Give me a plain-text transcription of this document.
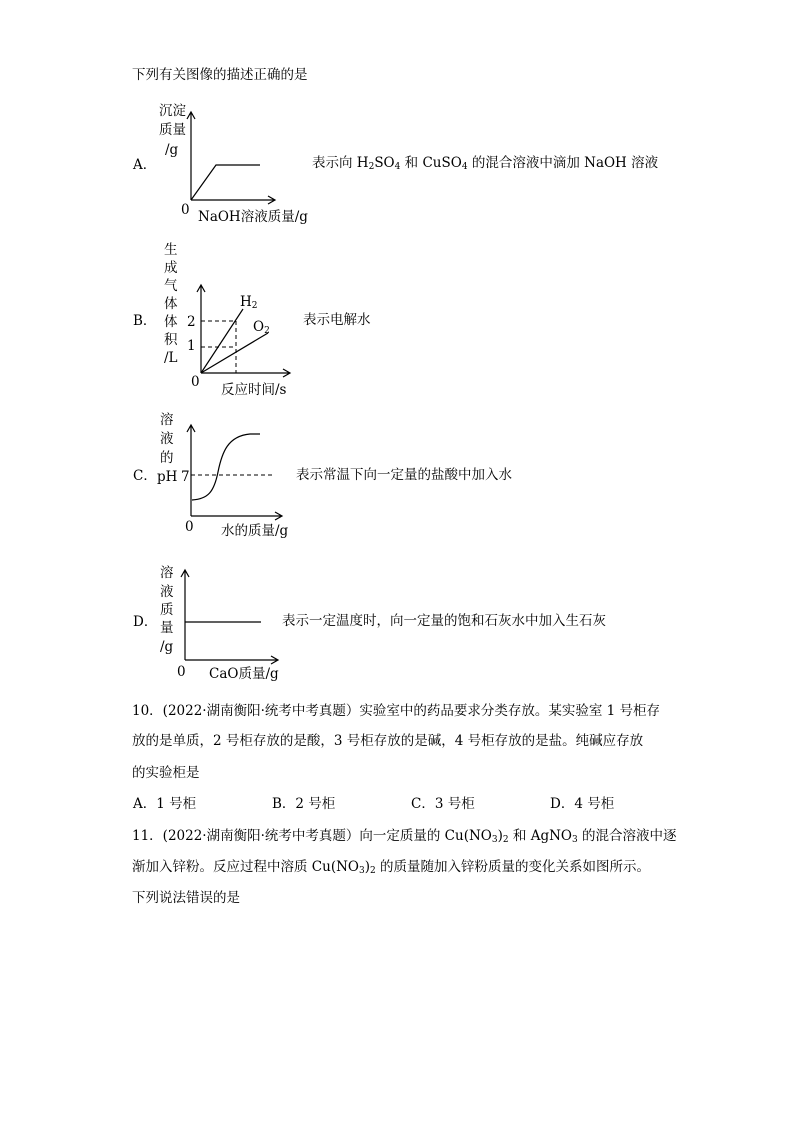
下列有关图像的描述正确的是
A．
沉淀
质量
/g
0 NaOH溶液质量/g
表示向 $H_2SO_4$ 和 CuSO$_4$ 的混合溶液中滴加 NaOH 溶液
B．
生
成
气
体
体
积
/L
2
1
0 反应时间/s
$H_2$
$O_2$
表示电解水
C．
溶
液
的
pH 7
0 水的质量/g
表示常温下向一定量的盐酸中加入水
D．
溶
液
质
量
/g
0 CaO质量/g
表示一定温度时，向一定量的饱和石灰水中加入生石灰
10．(2022·湖南衡阳·统考中考真题）实验室中的药品要求分类存放。某实验室 1 号柜存
放的是单质，2 号柜存放的是酸，3 号柜存放的是碱，4 号柜存放的是盐。纯碱应存放
的实验柜是
A．1 号柜	B．2 号柜	C．3 号柜	D．4 号柜
11．(2022·湖南衡阳·统考中考真题）向一定质量的 $Cu(NO_3)_2$ 和 AgNO$_3$ 的混合溶液中逐
渐加入锌粉。反应过程中溶质 $Cu(NO_3)_2$ 的质量随加入锌粉质量的变化关系如图所示。
下列说法错误的是
